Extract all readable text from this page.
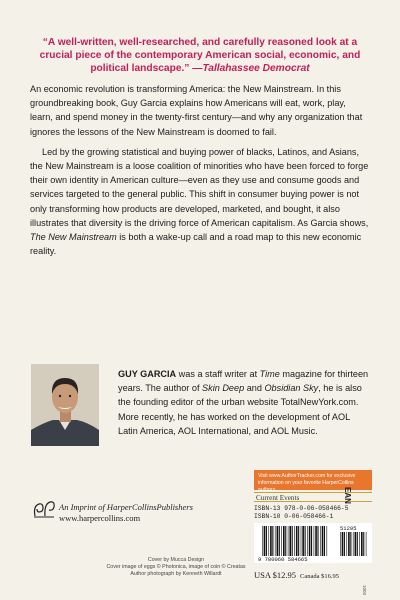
“A well-written, well-researched, and carefully reasoned look at a crucial piece of the contemporary American social, economic, and political landscape.” —Tallahassee Democrat

An economic revolution is transforming America: the New Mainstream. In this groundbreaking book, Guy Garcia explains how Americans will eat, work, play, learn, and spend money in the twenty-first century—and why any organization that ignores the lessons of the New Mainstream is doomed to fail.

Led by the growing statistical and buying power of blacks, Latinos, and Asians, the New Mainstream is a loose coalition of minorities who have been forced to forge their own identity in American culture—even as they use and consume goods and services targeted to the general public. This shift in consumer buying power is not only transforming how products are developed, marketed, and bought, it also illustrates that diversity is the driving force of American capitalism. As Garcia shows, The New Mainstream is both a wake-up call and a road map to this new economic reality.

GUY GARCIA was a staff writer at Time magazine for thirteen years. The author of Skin Deep and Obsidian Sky, he is also the founding editor of the urban website TotalNewYork.com. More recently, he has worked on the development of AOL Latin America, AOL International, and AOL Music.
An Imprint of HarperCollinsPublishers
www.harpercollins.com
Cover by Mucca Design
Cover image of eggs © Photonica, image of coin © Creatas
Author photograph by Kenneth Willardt
Visit www.AuthorTracker.com for exclusive information on your favorite HarperCollins authors.
Current Events
ISBN-13 978-0-06-058466-5
ISBN-10 0-06-058466-1
EAN
9 780060 584665
51295
USA $12.95 Canada $16.95
1003
